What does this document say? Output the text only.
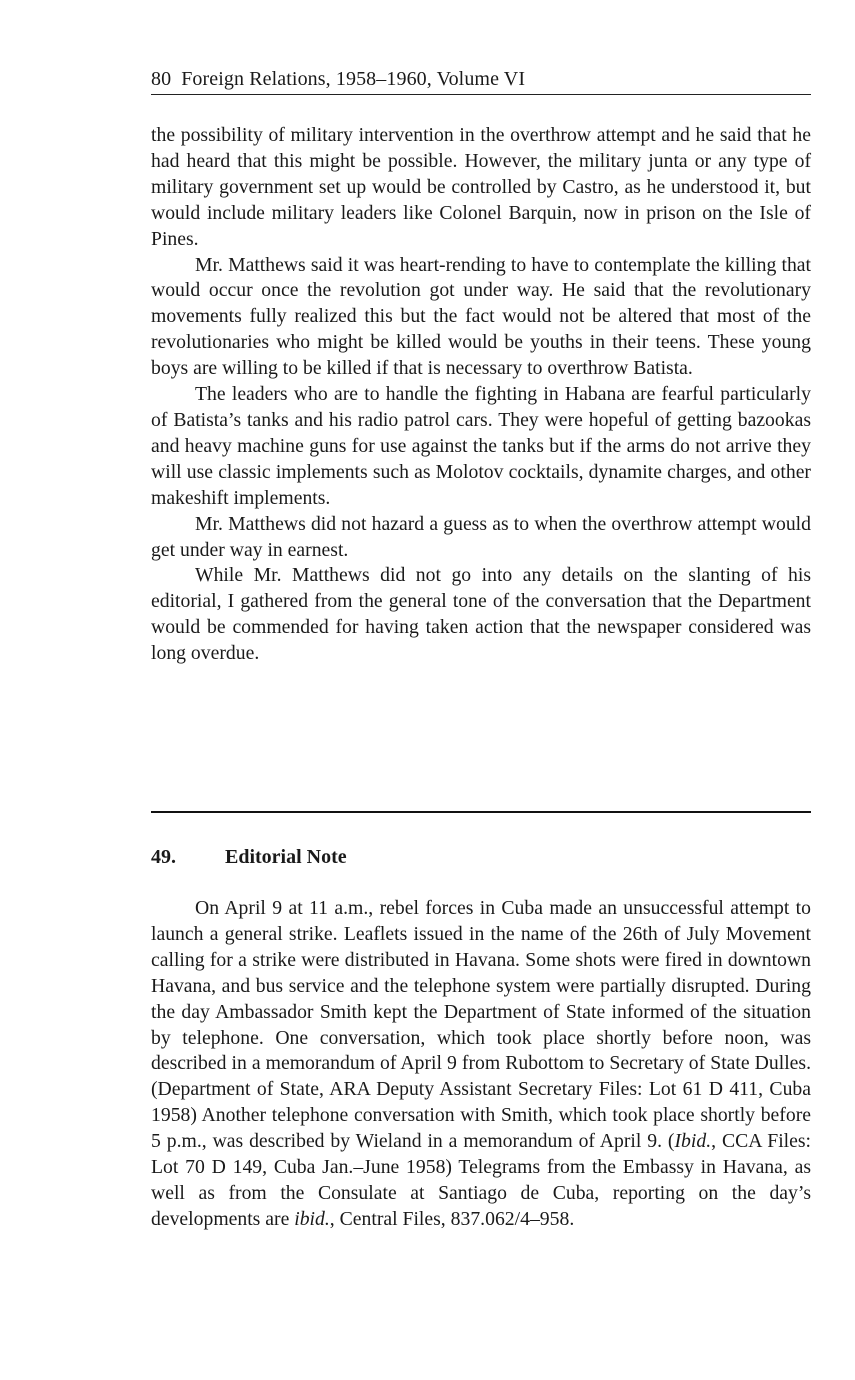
80 Foreign Relations, 1958–1960, Volume VI

the possibility of military intervention in the overthrow attempt and he said that he had heard that this might be possible. However, the military junta or any type of military government set up would be controlled by Castro, as he understood it, but would include military leaders like Colonel Barquin, now in prison on the Isle of Pines.

Mr. Matthews said it was heart-rending to have to contemplate the killing that would occur once the revolution got under way. He said that the revolutionary movements fully realized this but the fact would not be altered that most of the revolutionaries who might be killed would be youths in their teens. These young boys are willing to be killed if that is necessary to overthrow Batista.

The leaders who are to handle the fighting in Habana are fearful particularly of Batista’s tanks and his radio patrol cars. They were hopeful of getting bazookas and heavy machine guns for use against the tanks but if the arms do not arrive they will use classic implements such as Molotov cocktails, dynamite charges, and other makeshift implements.

Mr. Matthews did not hazard a guess as to when the overthrow attempt would get under way in earnest.

While Mr. Matthews did not go into any details on the slanting of his editorial, I gathered from the general tone of the conversation that the Department would be commended for having taken action that the newspaper considered was long overdue.

49. Editorial Note

On April 9 at 11 a.m., rebel forces in Cuba made an unsuccessful attempt to launch a general strike. Leaflets issued in the name of the 26th of July Movement calling for a strike were distributed in Havana. Some shots were fired in downtown Havana, and bus service and the telephone system were partially disrupted. During the day Ambassador Smith kept the Department of State informed of the situation by telephone. One conversation, which took place shortly before noon, was described in a memorandum of April 9 from Rubottom to Secretary of State Dulles. (Department of State, ARA Deputy Assistant Secretary Files: Lot 61 D 411, Cuba 1958) Another telephone conversation with Smith, which took place shortly before 5 p.m., was described by Wieland in a memorandum of April 9. (Ibid., CCA Files: Lot 70 D 149, Cuba Jan.–June 1958) Telegrams from the Embassy in Havana, as well as from the Consulate at Santiago de Cuba, reporting on the day’s developments are ibid., Central Files, 837.062/4–958.
